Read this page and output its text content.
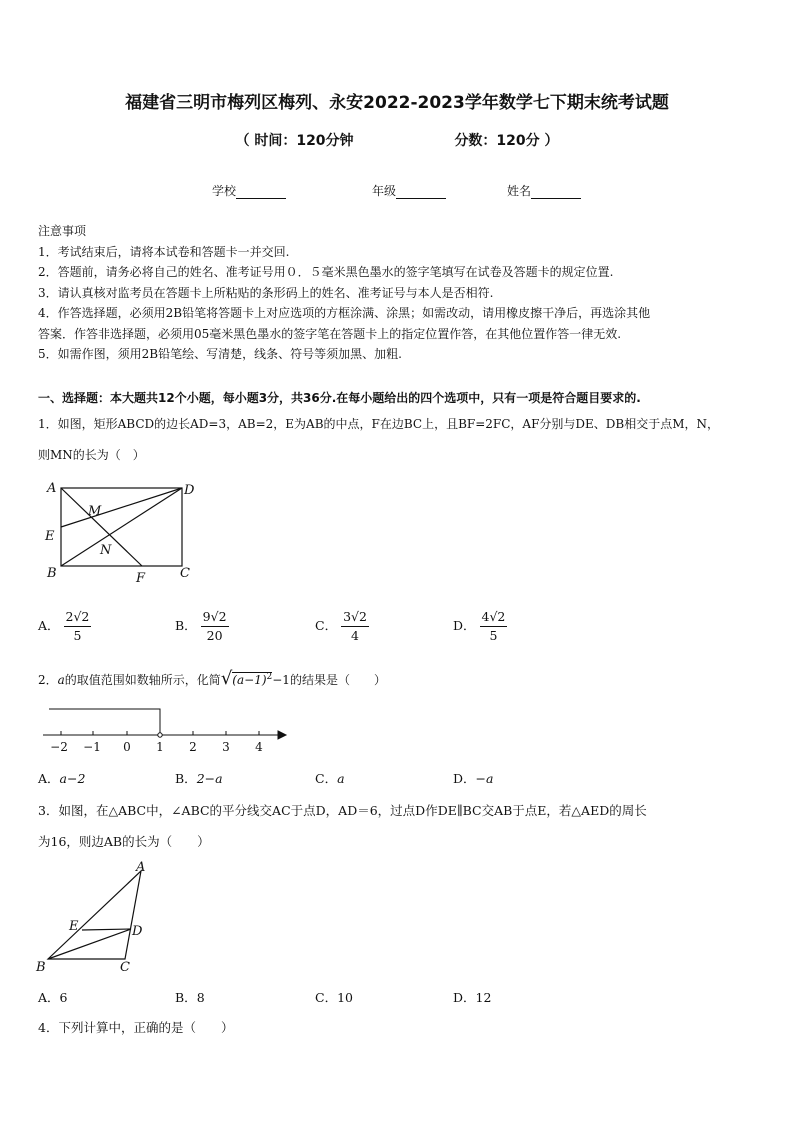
福建省三明市梅列区梅列、永安2022-2023学年数学七下期末统考试题
（ 时间：120分钟	分数：120分 ）
学校	年级	姓名
注意事项
1．考试结束后，请将本试卷和答题卡一并交回.
2．答题前，请务必将自己的姓名、准考证号用０．５毫米黑色墨水的签字笔填写在试卷及答题卡的规定位置.
3．请认真核对监考员在答题卡上所粘贴的条形码上的姓名、准考证号与本人是否相符.
4．作答选择题，必须用2B铅笔将答题卡上对应选项的方框涂满、涂黑；如需改动，请用橡皮擦干净后，再选涂其他
答案．作答非选择题，必须用05毫米黑色墨水的签字笔在答题卡上的指定位置作答，在其他位置作答一律无效.
5．如需作图，须用2B铅笔绘、写清楚，线条、符号等须加黑、加粗.
一、选择题：本大题共12个小题，每小题3分，共36分.在每小题给出的四个选项中，只有一项是符合题目要求的.
1．如图，矩形ABCD的边长AD=3，AB=2，E为AB的中点，F在边BC上，且BF=2FC，AF分别与DE、DB相交于点M，N，
则MN的长为（　）
A	D
M
E
N
B	F	C
A． $\frac{2√2}{5}$	B． $\frac{9√2}{20}$	C． $\frac{3√2}{4}$	D． $\frac{4√2}{5}$
2．a的取值范围如数轴所示，化简$√(a-1)^2-1$的结果是（　　）
−2 −1 0 1 2 3 4
A．a−2	B．2−a	C．a	D．−a
3．如图，在△ABC中，∠ABC的平分线交AC于点D，AD＝6，过点D作DE∥BC交AB于点E，若△AED的周长
为16，则边AB的长为（　　）
A
E	D
B	C
A．6	B．8	C．10	D．12
4．下列计算中，正确的是（　　）
